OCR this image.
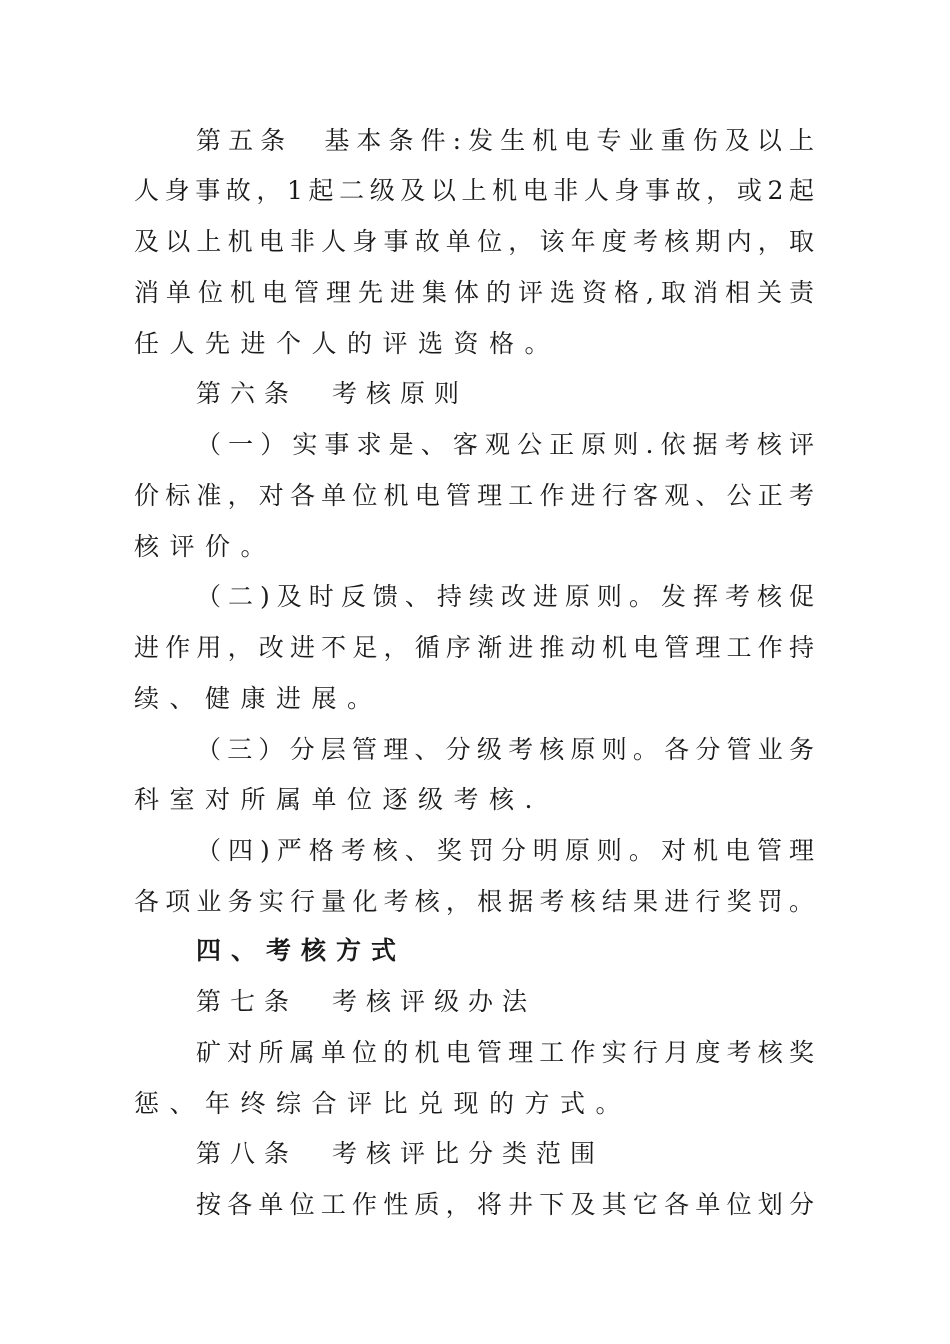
第五条　基本条件:发生机电专业重伤及以上
人身事故，1起二级及以上机电非人身事故，或2起
及以上机电非人身事故单位，该年度考核期内，取
消单位机电管理先进集体的评选资格,取消相关责
任人先进个人的评选资格。
第六条　考核原则
（一）实事求是、客观公正原则.依据考核评
价标准，对各单位机电管理工作进行客观、公正考
核评价。
（二)及时反馈、持续改进原则。发挥考核促
进作用，改进不足，循序渐进推动机电管理工作持
续、健康进展。
（三）分层管理、分级考核原则。各分管业务
科室对所属单位逐级考核.
（四)严格考核、奖罚分明原则。对机电管理
各项业务实行量化考核，根据考核结果进行奖罚。
四、考核方式
第七条　考核评级办法
矿对所属单位的机电管理工作实行月度考核奖
惩、年终综合评比兑现的方式。
第八条　考核评比分类范围
按各单位工作性质，将井下及其它各单位划分
